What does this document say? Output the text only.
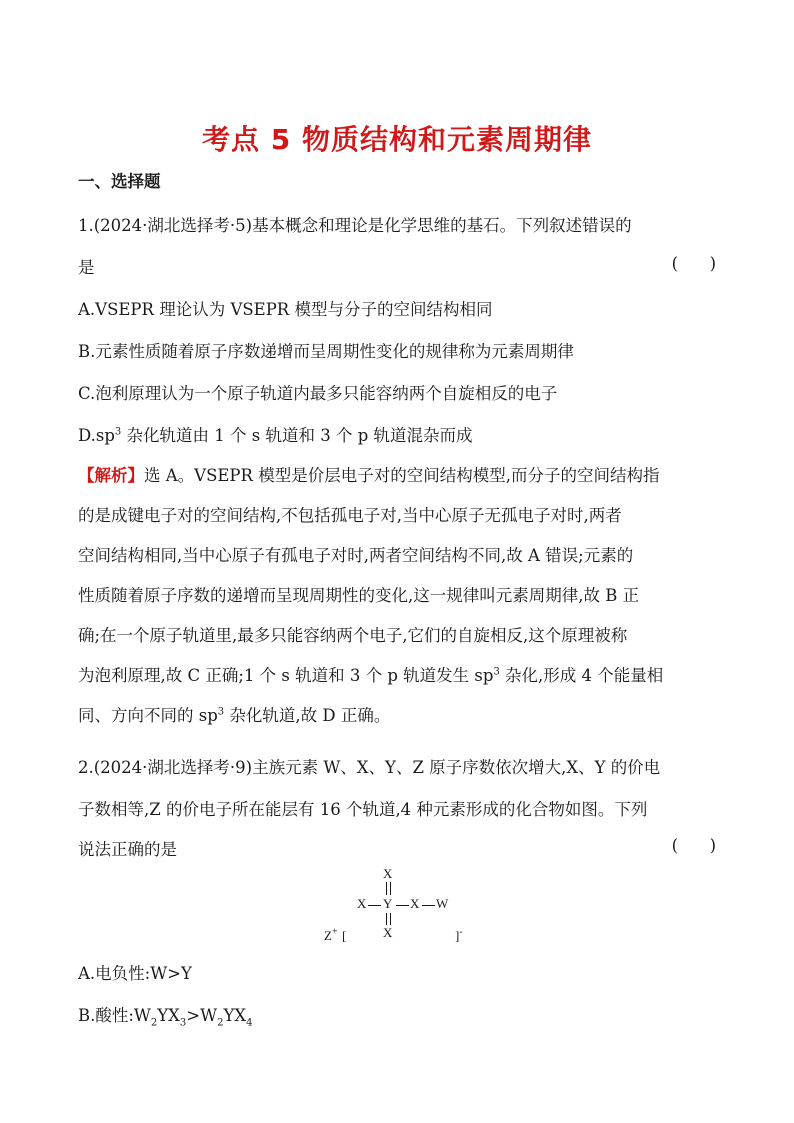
考点 5 物质结构和元素周期律
一、选择题
1.(2024·湖北选择考·5)基本概念和理论是化学思维的基石。下列叙述错误的
是	(      )
A.VSEPR 理论认为 VSEPR 模型与分子的空间结构相同
B.元素性质随着原子序数递增而呈周期性变化的规律称为元素周期律
C.泡利原理认为一个原子轨道内最多只能容纳两个自旋相反的电子
$D.sp^3$ 杂化轨道由 1 个 s 轨道和 3 个 p 轨道混杂而成
【解析】选 A。VSEPR 模型是价层电子对的空间结构模型,而分子的空间结构指
的是成键电子对的空间结构,不包括孤电子对,当中心原子无孤电子对时,两者
空间结构相同,当中心原子有孤电子对时,两者空间结构不同,故 A 错误;元素的
性质随着原子序数的递增而呈现周期性的变化,这一规律叫元素周期律,故 B 正
确;在一个原子轨道里,最多只能容纳两个电子,它们的自旋相反,这个原理被称
为泡利原理,故 C 正确;1 个 s 轨道和 3 个 p 轨道发生 $sp^3$ 杂化,形成 4 个能量相
同、方向不同的 $sp^3$ 杂化轨道,故 D 正确。
2.(2024·湖北选择考·9)主族元素 W、X、Y、Z 原子序数依次增大,X、Y 的价电
子数相等,Z 的价电子所在能层有 16 个轨道,4 种元素形成的化合物如图。下列
说法正确的是	(      )
X
X Y X W
X
Z+ [	]-
A.电负性:W>Y
B.酸性$:W_2YX_3>W_2YX_4$
